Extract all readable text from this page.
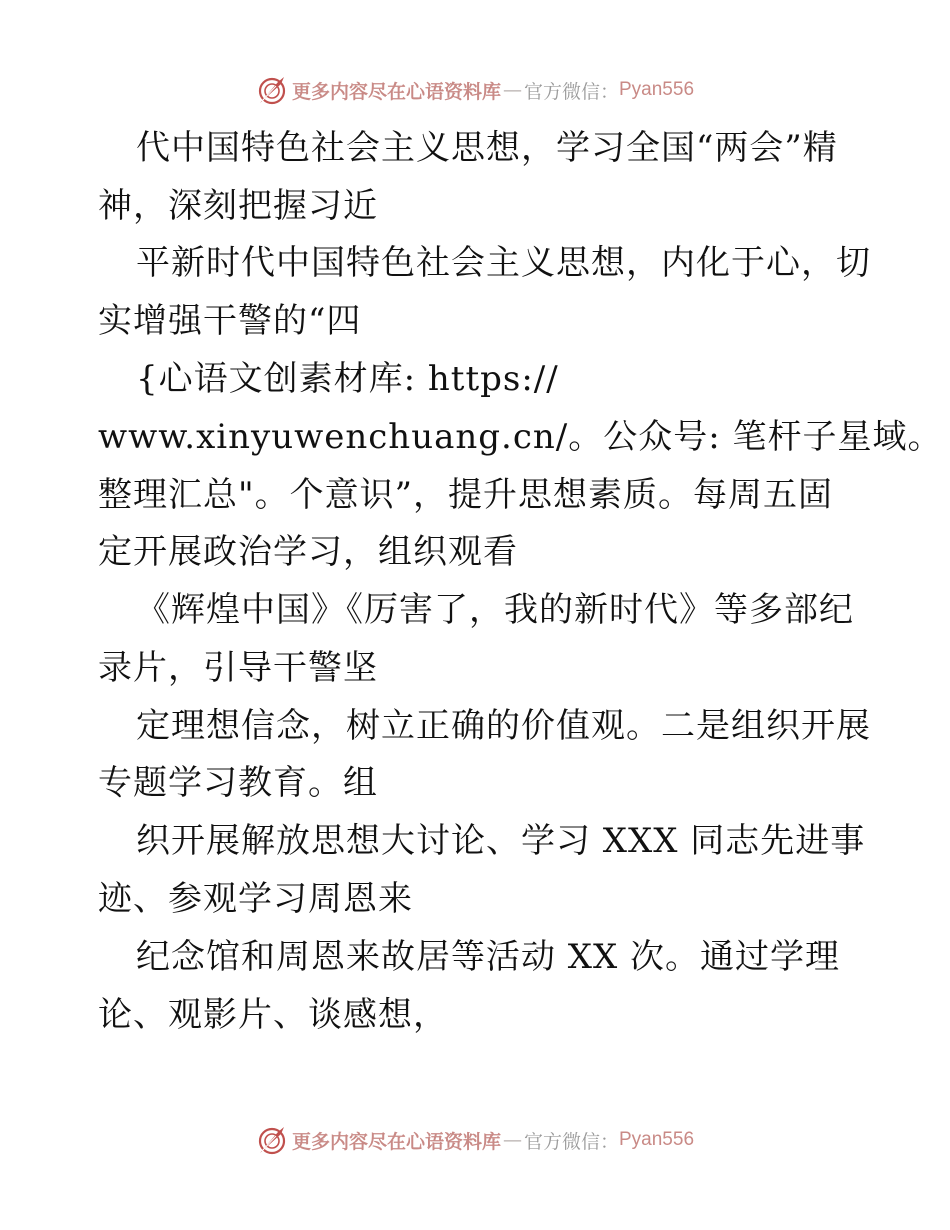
更多内容尽在心语资料库 — 官方微信： Pyan556
代中国特色社会主义思想，学习全国“两会”精
神，深刻把握习近
平新时代中国特色社会主义思想，内化于心，切
实增强干警的“四
{心语文创素材库: https://
www.xinyuwenchuang.cn/。公众号: 笔杆子星域。
整理汇总"。个意识”，提升思想素质。每周五固
定开展政治学习，组织观看
《辉煌中国》《厉害了，我的新时代》等多部纪
录片，引导干警坚
定理想信念，树立正确的价值观。二是组织开展
专题学习教育。组
织开展解放思想大讨论、学习 XXX 同志先进事
迹、参观学习周恩来
纪念馆和周恩来故居等活动 XX 次。通过学理
论、观影片、谈感想，
更多内容尽在心语资料库 — 官方微信： Pyan556
